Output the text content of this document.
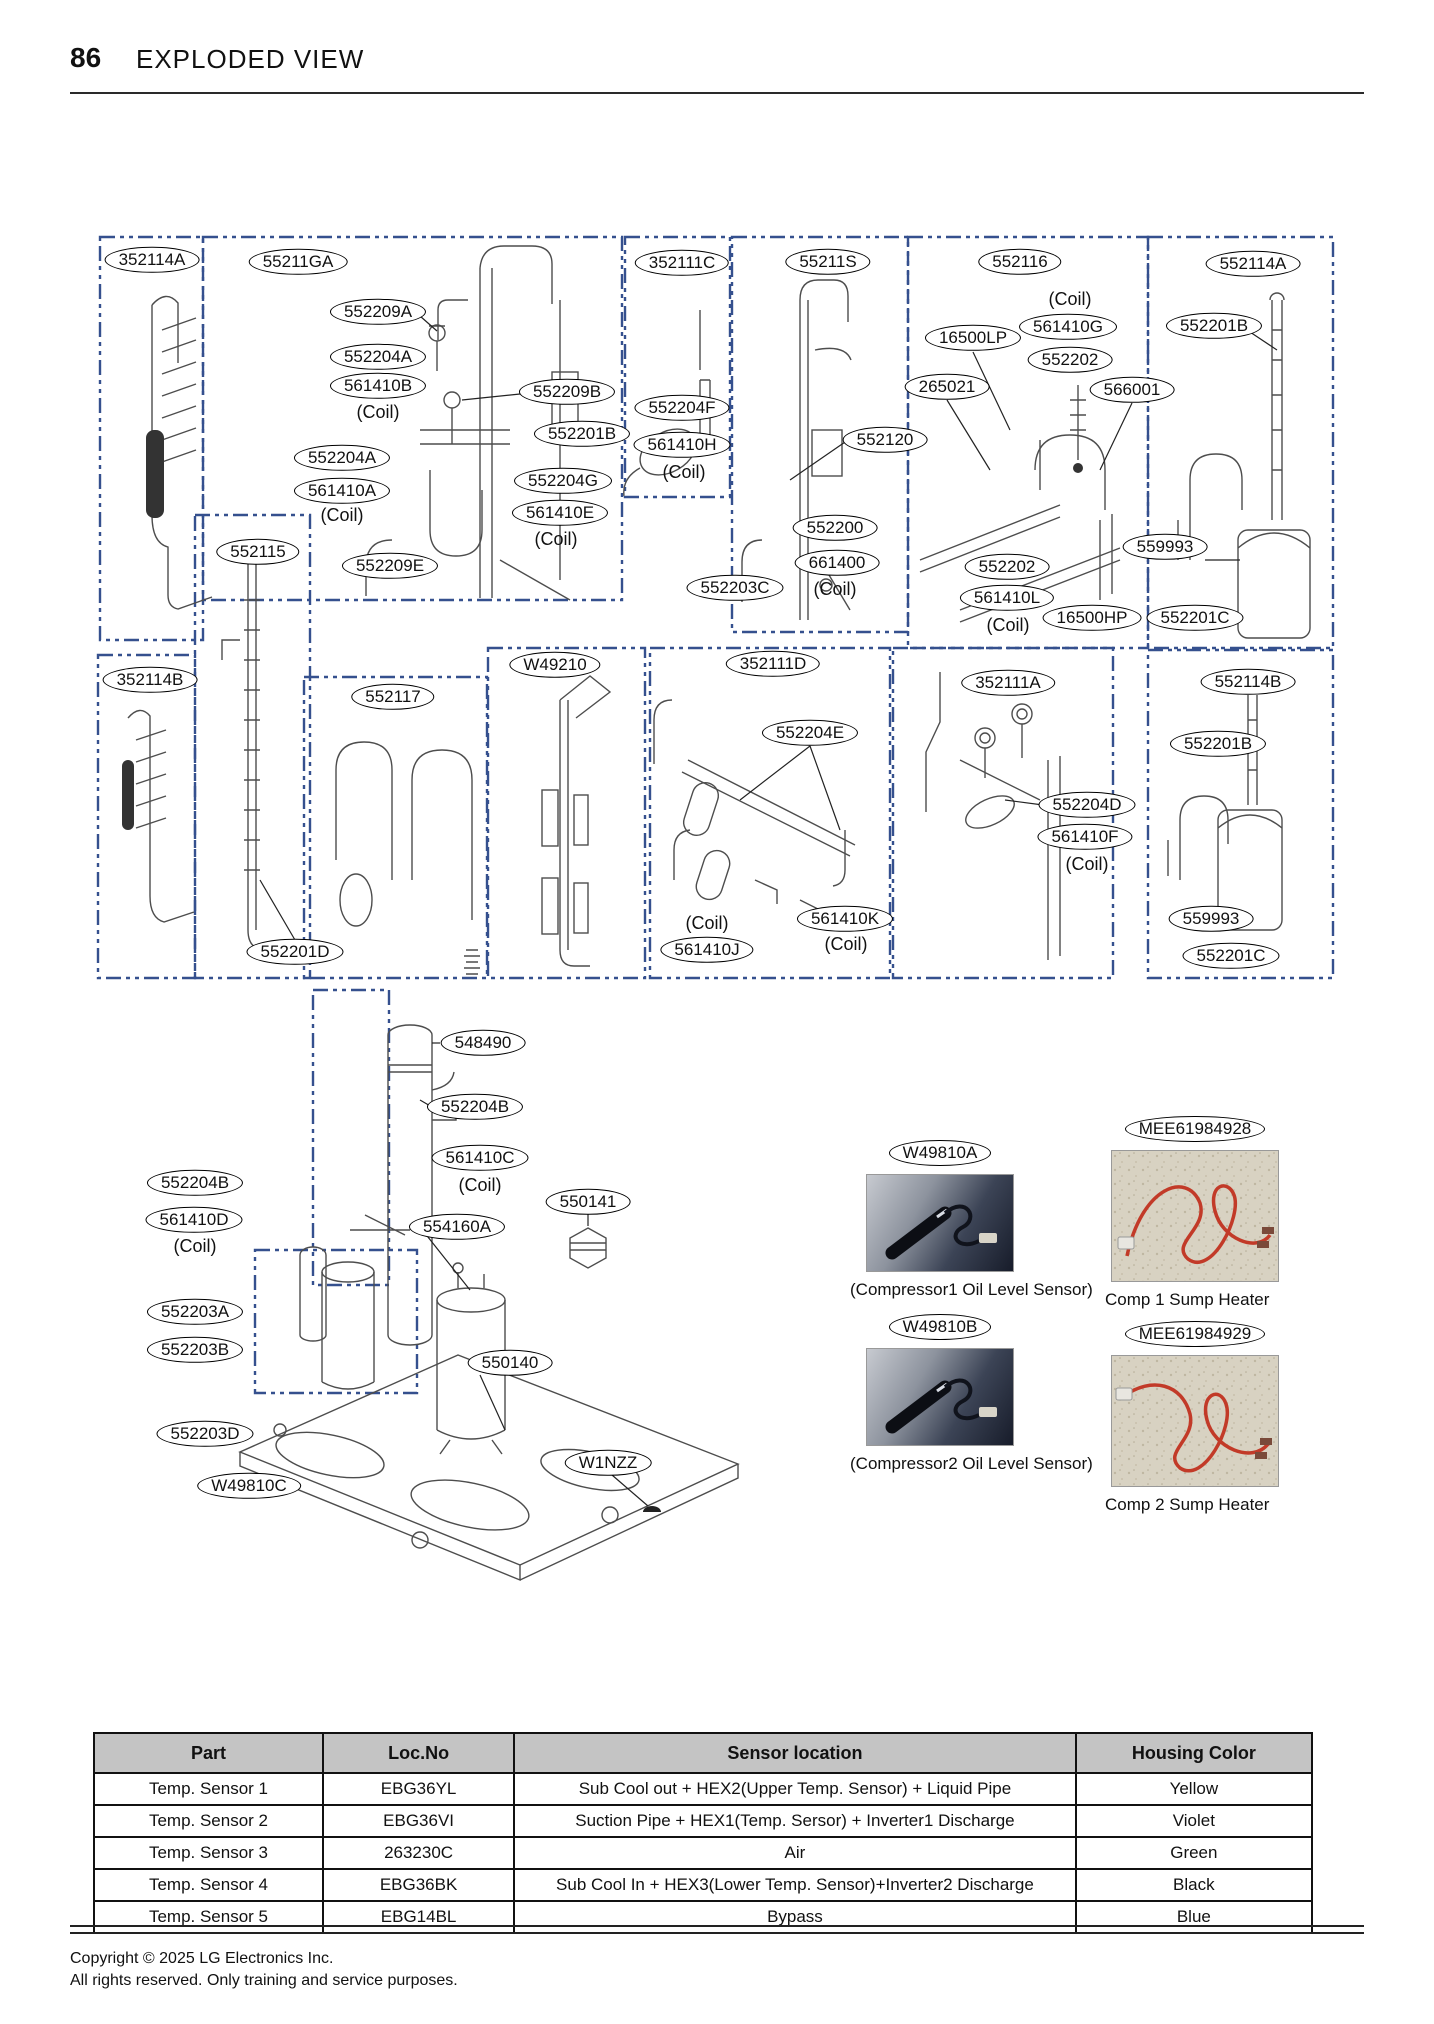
86 EXPLODED VIEW
352114A	55211GA
552209A
552204A
561410B
(Coil)
552204A
561410A
(Coil)
552115
552209E
552209B
552201B
552204G
561410E
(Coil)
352111C
552204F
561410H
(Coil)
55211S
552120
552200
661400
(Coil)
552203C
552116
(Coil)
16500LP
561410G
552202
265021	566001
552202
561410L
(Coil)	16500HP
552114A
552201B
559993
552201C
352114B
552201D
552117
W49210	352111D
552204E
(Coil)
561410J
561410K
(Coil)
352111A
552204D
561410F
(Coil)
552114B
552201B
559993
552201C
548490
552204B
561410C
(Coil)
552204B
561410D
(Coil)
554160A
550141
552203A
552203B
550140
552203D
W49810C
W1NZZ
W49810A
(Compressor1 Oil Level Sensor)
W49810B
(Compressor2 Oil Level Sensor)
MEE61984928
Comp 1 Sump Heater
MEE61984929
Comp 2 Sump Heater
Part	Loc.No	Sensor location	Housing Color
Temp. Sensor 1	EBG36YL	Sub Cool out + HEX2(Upper Temp. Sensor) + Liquid Pipe	Yellow
Temp. Sensor 2	EBG36VI	Suction Pipe + HEX1(Temp. Sersor) + Inverter1 Discharge	Violet
Temp. Sensor 3	263230C	Air	Green
Temp. Sensor 4	EBG36BK	Sub Cool In + HEX3(Lower Temp. Sensor)+Inverter2 Discharge	Black
Temp. Sensor 5	EBG14BL	Bypass	Blue
Copyright © 2025 LG Electronics Inc.
All rights reserved. Only training and service purposes.
